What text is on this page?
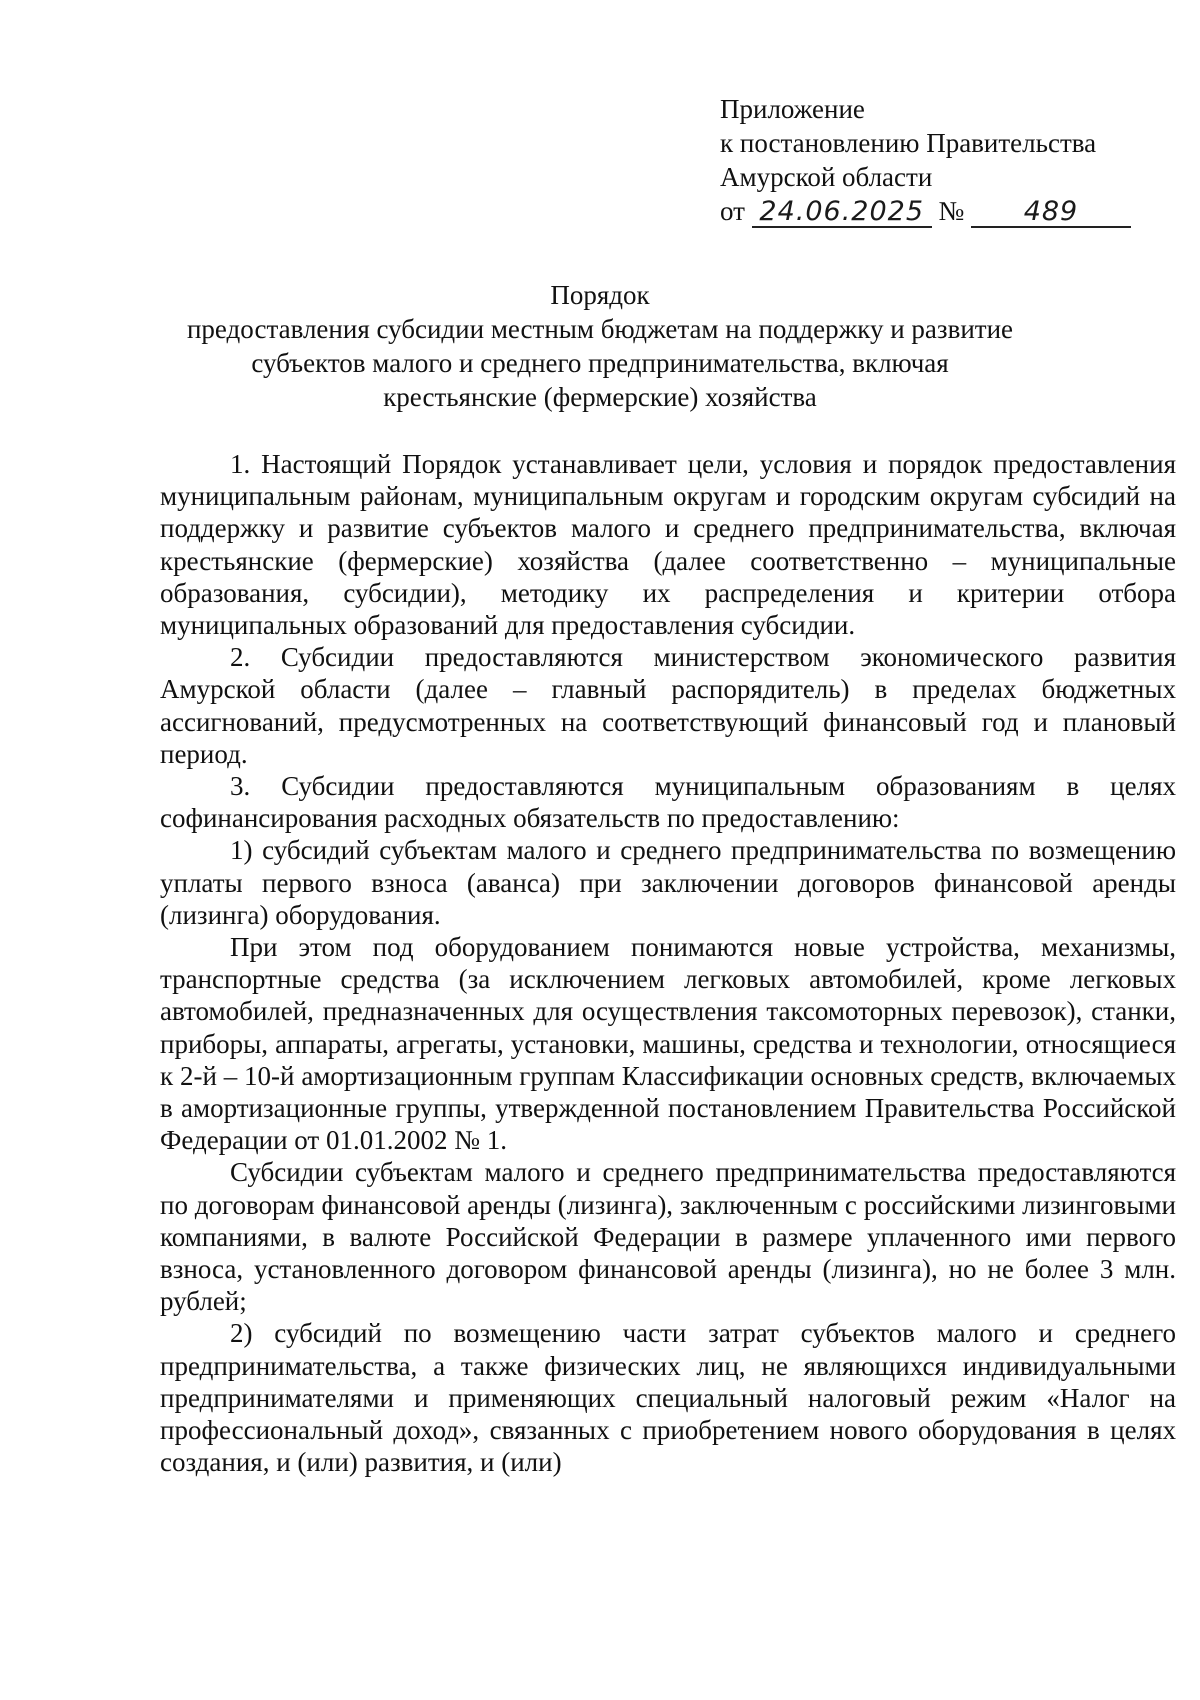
Приложение
к постановлению Правительства
Амурской области
от 24.06.2025 № 489
Порядок
предоставления субсидии местным бюджетам на поддержку и развитие
субъектов малого и среднего предпринимательства, включая
крестьянские (фермерские) хозяйства

1. Настоящий Порядок устанавливает цели, условия и порядок предоставления муниципальным районам, муниципальным округам и городским округам субсидий на поддержку и развитие субъектов малого и среднего предпринимательства, включая крестьянские (фермерские) хозяйства (далее соответственно – муниципальные образования, субсидии), методику их распределения и критерии отбора муниципальных образований для предоставления субсидии.

2. Субсидии предоставляются министерством экономического развития Амурской области (далее – главный распорядитель) в пределах бюджетных ассигнований, предусмотренных на соответствующий финансовый год и плановый период.

3. Субсидии предоставляются муниципальным образованиям в целях софинансирования расходных обязательств по предоставлению:

1) субсидий субъектам малого и среднего предпринимательства по возмещению уплаты первого взноса (аванса) при заключении договоров финансовой аренды (лизинга) оборудования.

При этом под оборудованием понимаются новые устройства, механизмы, транспортные средства (за исключением легковых автомобилей, кроме легковых автомобилей, предназначенных для осуществления таксомоторных перевозок), станки, приборы, аппараты, агрегаты, установки, машины, средства и технологии, относящиеся к 2-й – 10-й амортизационным группам Классификации основных средств, включаемых в амортизационные группы, утвержденной постановлением Правительства Российской Федерации от 01.01.2002 № 1.

Субсидии субъектам малого и среднего предпринимательства предоставляются по договорам финансовой аренды (лизинга), заключенным с российскими лизинговыми компаниями, в валюте Российской Федерации в размере уплаченного ими первого взноса, установленного договором финансовой аренды (лизинга), но не более 3 млн. рублей;

2) субсидий по возмещению части затрат субъектов малого и среднего предпринимательства, а также физических лиц, не являющихся индивидуальными предпринимателями и применяющих специальный налоговый режим «Налог на профессиональный доход», связанных с приобретением нового оборудования в целях создания, и (или) развития, и (или)
